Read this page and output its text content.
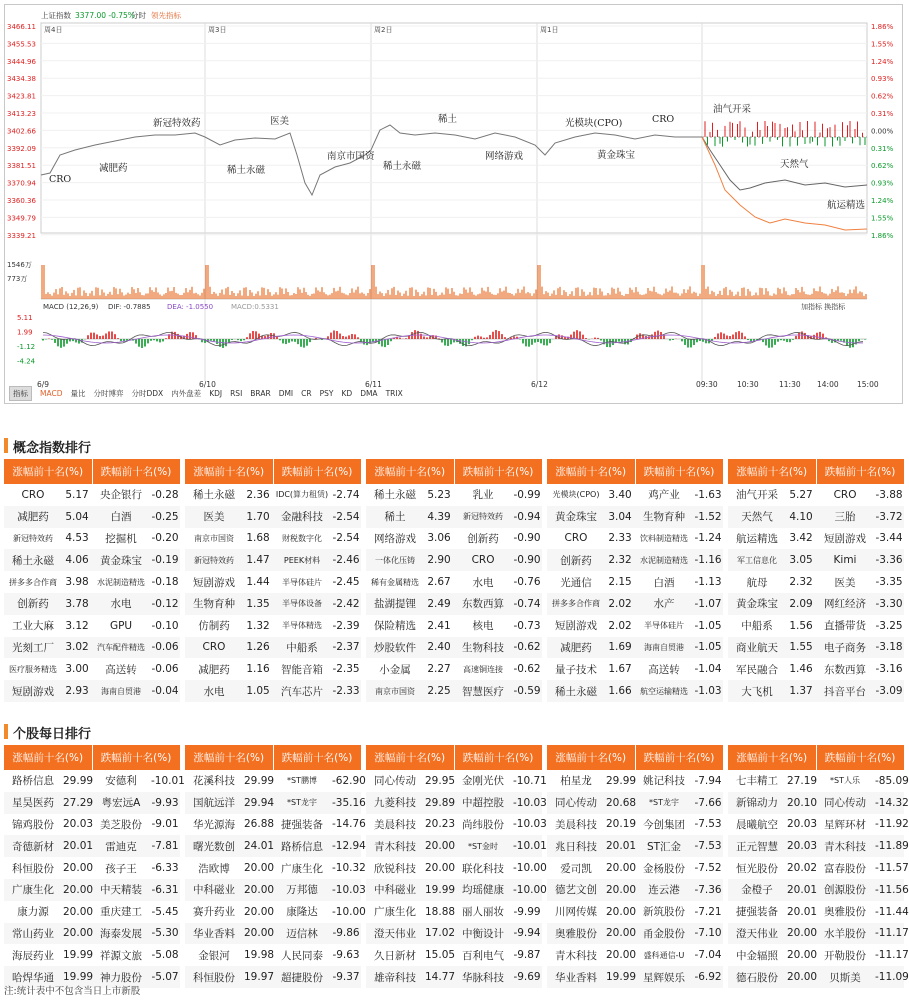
上证指数 3377.00 -0.75%
分时 领先指标
周4日	周3日	周2日	周1日
3466.11
3455.53
3444.96
3434.38
3423.81
3413.23
3402.66
3392.09
3381.51
3370.94
3360.36
3349.79
3339.21
1.86%
1.55%
1.24%
0.93%
0.62%
0.31%
0.00%
0.31%
0.62%
0.93%
1.24%
1.55%
1.86%
CRO
减肥药
新冠特效药
稀土永磁
医美
南京市国资
稀土永磁
稀土
网络游戏
光模块(CPO)
黄金珠宝
CRO
油气开采
天然气
航运精选
1546万
773万
MACD (12,26,9) DIF: -0.7885 DEA: -1.0550	MACD:0.5331	加指标 换指标
5.11
1.99
-1.12
-4.24
6/9	6/10	6/11	6/12	09:30	10:30	11:30 14:00 15:00
指标	MACD 量比 分时博弈 分时DDX 内外盘差 KDJ RSI BRAR DMI CR PSY KD DMA TRIX
概念指数排行
涨幅前十名(%)		跌幅前十名(%)	
CRO	5.17	央企银行	-0.28
减肥药	5.04	白酒	-0.25
新冠特效药	4.53	挖掘机	-0.20
稀土永磁	4.06	黄金珠宝	-0.19
拼多多合作商	3.98	水泥制造精选	-0.18
创新药	3.78	水电	-0.12
工业大麻	3.12	GPU	-0.10
光刻工厂	3.02	汽车配件精选	-0.06
医疗服务精选	3.00	高送转	-0.06
短剧游戏	2.93	海南自贸港	-0.04
涨幅前十名(%)		跌幅前十名(%)	
稀土永磁	2.36	IDC(算力租赁)	-2.74
医美	1.70	金融科技	-2.54
南京市国资	1.68	财税数字化	-2.54
新冠特效药	1.47	PEEK材料	-2.46
短剧游戏	1.44	半导体硅片	-2.45
生物育种	1.35	半导体设备	-2.42
仿制药	1.32	半导体精选	-2.39
CRO	1.26	中船系	-2.37
减肥药	1.16	智能音箱	-2.35
水电	1.05	汽车芯片	-2.33
涨幅前十名(%)		跌幅前十名(%)	
稀土永磁	5.23	乳业	-0.99
稀土	4.39	新冠特效药	-0.94
网络游戏	3.06	创新药	-0.90
一体化压铸	2.90	CRO	-0.90
稀有金属精选	2.67	水电	-0.76
盐湖提锂	2.49	东数西算	-0.74
保险精选	2.41	核电	-0.73
炒股软件	2.40	生物科技	-0.62
小金属	2.27	高速铜连接	-0.62
南京市国资	2.25	智慧医疗	-0.59
涨幅前十名(%)		跌幅前十名(%)	
光模块(CPO)	3.40	鸡产业	-1.63
黄金珠宝	3.04	生物育种	-1.52
CRO	2.33	饮料制造精选	-1.24
创新药	2.32	水泥制造精选	-1.16
光通信	2.15	白酒	-1.13
拼多多合作商	2.02	水产	-1.07
短剧游戏	2.02	半导体硅片	-1.05
减肥药	1.69	海南自贸港	-1.05
量子技术	1.67	高送转	-1.04
稀土永磁	1.66	航空运输精选	-1.03
涨幅前十名(%)		跌幅前十名(%)	
油气开采	5.27	CRO	-3.88
天然气	4.10	三胎	-3.72
航运精选	3.42	短剧游戏	-3.44
军工信息化	3.05	Kimi	-3.36
航母	2.32	医美	-3.35
黄金珠宝	2.09	网红经济	-3.30
中船系	1.56	直播带货	-3.25
商业航天	1.55	电子商务	-3.18
军民融合	1.46	东数西算	-3.16
大飞机	1.37	抖音平台	-3.09
个股每日排行
涨幅前十名(%)		跌幅前十名(%)	
路桥信息	29.99	安德利	-10.01
星昊医药	27.29	粤宏远A	-9.93
锦鸡股份	20.03	美芝股份	-9.01
奇德新材	20.01	雷迪克	-7.81
科恒股份	20.00	孩子王	-6.33
广康生化	20.00	中天精装	-6.31
康力源	20.00	重庆建工	-5.45
常山药业	20.00	海泰发展	-5.30
海辰药业	19.99	祥源文旅	-5.08
哈焊华通	19.99	神力股份	-5.07
涨幅前十名(%)		跌幅前十名(%)	
花溪科技	29.99	*ST鹏博	-62.90
国航远洋	29.94	*ST龙宇	-35.16
华光源海	26.88	捷强装备	-14.76
曙光数创	24.01	路桥信息	-12.94
浩欧博	20.00	广康生化	-10.32
中科磁业	20.00	万邦德	-10.03
赛升药业	20.00	康隆达	-10.00
华业香料	20.00	迈信林	-9.86
金银河	19.98	人民同泰	-9.63
科恒股份	19.97	超捷股份	-9.37
涨幅前十名(%)		跌幅前十名(%)	
同心传动	29.95	金刚光伏	-10.71
九菱科技	29.89	中超控股	-10.03
美晨科技	20.23	尚纬股份	-10.03
青木科技	20.00	*ST金时	-10.01
欣锐科技	20.00	联化科技	-10.00
中科磁业	19.99	均瑶健康	-10.00
广康生化	18.88	丽人丽妆	-9.99
澄天伟业	17.02	中衡设计	-9.94
久日新材	15.05	百利电气	-9.87
雄帝科技	14.77	华脉科技	-9.69
涨幅前十名(%)		跌幅前十名(%)	
柏星龙	29.99	姚记科技	-7.94
同心传动	20.68	*ST龙宇	-7.66
美晨科技	20.19	今创集团	-7.53
兆日科技	20.01	ST汇金	-7.53
爱司凯	20.00	金杨股份	-7.52
德艺文创	20.00	连云港	-7.36
川网传媒	20.00	新筑股份	-7.21
奥雅股份	20.00	甬金股份	-7.10
青木科技	20.00	盛科通信-U	-7.04
华业香料	19.99	星辉娱乐	-6.92
涨幅前十名(%)		跌幅前十名(%)	
七丰精工	27.19	*ST人乐	-85.09
新锦动力	20.10	同心传动	-14.32
晨曦航空	20.03	星辉环材	-11.92
正元智慧	20.03	青木科技	-11.89
恒光股份	20.02	富春股份	-11.57
金橙子	20.01	创源股份	-11.56
捷强装备	20.01	奥雅股份	-11.44
澄天伟业	20.00	水羊股份	-11.17
中金辐照	20.00	开勒股份	-11.17
德石股份	20.00	贝斯美	-11.09
注:统计表中不包含当日上市新股
